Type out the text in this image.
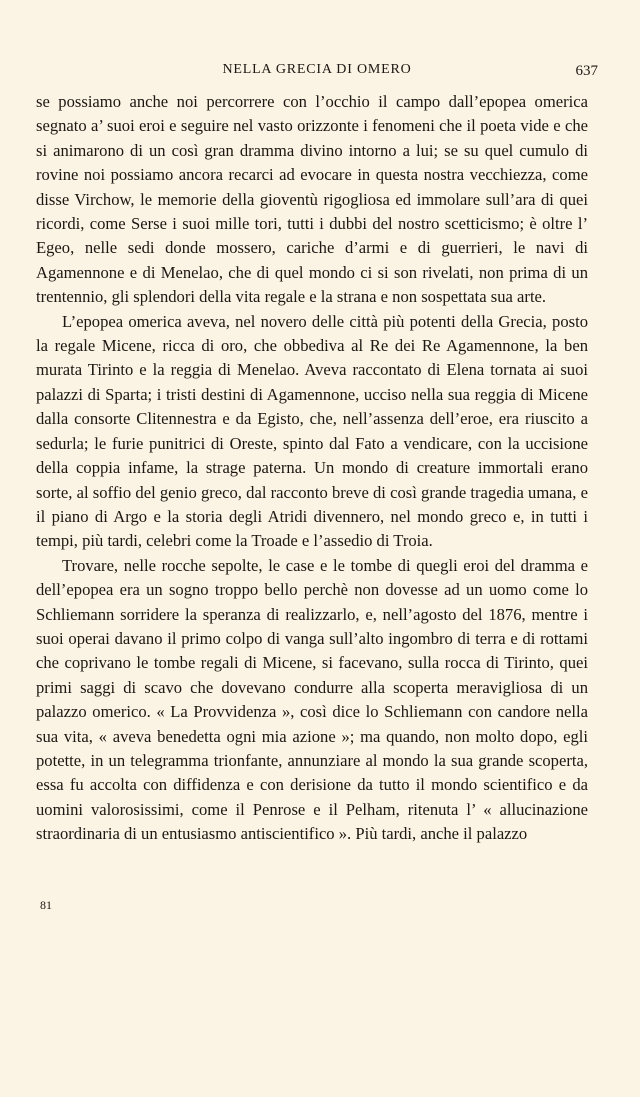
NELLA GRECIA DI OMERO	637

se possiamo anche noi percorrere con l’occhio il campo dall’epopea omerica segnato a’ suoi eroi e seguire nel vasto orizzonte i fenomeni che il poeta vide e che si animarono di un così gran dramma divino intorno a lui; se su quel cumulo di rovine noi possiamo ancora recarci ad evocare in questa nostra vecchiezza, come disse Virchow, le memorie della gioventù rigogliosa ed immolare sull’ara di quei ricordi, come Serse i suoi mille tori, tutti i dubbi del nostro scetticismo; è oltre l’ Egeo, nelle sedi donde mossero, cariche d’armi e di guerrieri, le navi di Agamennone e di Menelao, che di quel mondo ci si son rivelati, non prima di un trentennio, gli splendori della vita regale e la strana e non sospettata sua arte.

L’epopea omerica aveva, nel novero delle città più potenti della Grecia, posto la regale Micene, ricca di oro, che obbediva al Re dei Re Agamennone, la ben murata Tirinto e la reggia di Menelao. Aveva raccontato di Elena tornata ai suoi palazzi di Sparta; i tristi destini di Agamennone, ucciso nella sua reggia di Micene dalla consorte Clitennestra e da Egisto, che, nell’assenza dell’eroe, era riuscito a sedurla; le furie punitrici di Oreste, spinto dal Fato a vendicare, con la uccisione della coppia infame, la strage paterna. Un mondo di creature immortali erano sorte, al soffio del genio greco, dal racconto breve di così grande tragedia umana, e il piano di Argo e la storia degli Atridi divennero, nel mondo greco e, in tutti i tempi, più tardi, celebri come la Troade e l’assedio di Troia.

Trovare, nelle rocche sepolte, le case e le tombe di quegli eroi del dramma e dell’epopea era un sogno troppo bello perchè non dovesse ad un uomo come lo Schliemann sorridere la speranza di realizzarlo, e, nell’agosto del 1876, mentre i suoi operai davano il primo colpo di vanga sull’alto ingombro di terra e di rottami che coprivano le tombe regali di Micene, si facevano, sulla rocca di Tirinto, quei primi saggi di scavo che dovevano condurre alla scoperta meravigliosa di un palazzo omerico. « La Provvidenza », così dice lo Schliemann con candore nella sua vita, « aveva benedetta ogni mia azione »; ma quando, non molto dopo, egli potette, in un telegramma trionfante, annunziare al mondo la sua grande scoperta, essa fu accolta con diffidenza e con derisione da tutto il mondo scientifico e da uomini valorosissimi, come il Penrose e il Pelham, ritenuta l’ « allucinazione straordinaria di un entusiasmo antiscientifico ». Più tardi, anche il palazzo

81
